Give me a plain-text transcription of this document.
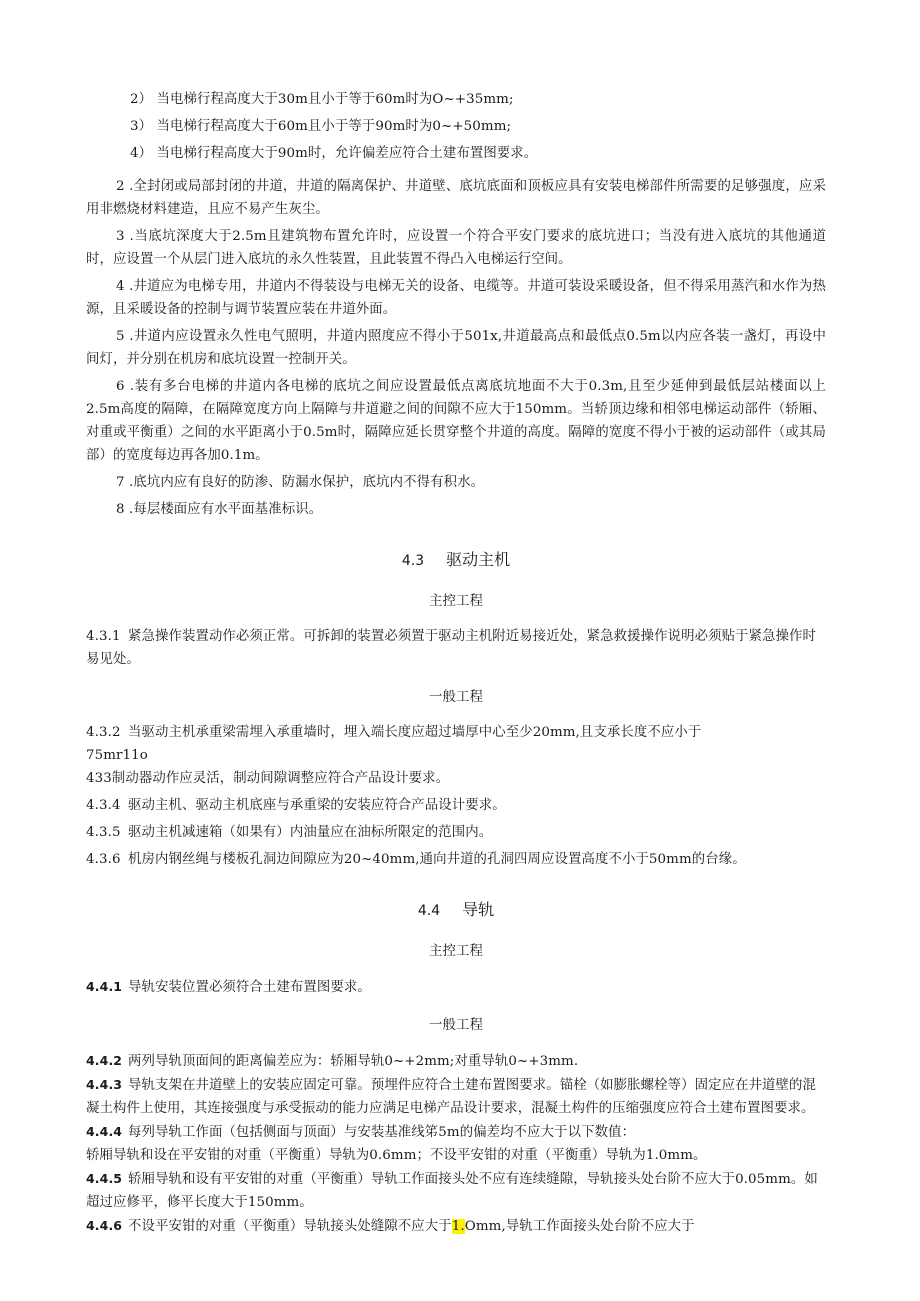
2） 当电梯行程高度大于30m且小于等于60m时为O~+35mm;
3） 当电梯行程高度大于60m且小于等于90m时为0~+50mm;
4） 当电梯行程高度大于90m时，允许偏差应符合土建布置图要求。
2 .全封闭或局部封闭的井道，井道的隔离保护、井道壁、底坑底面和顶板应具有安装电梯部件所需要的足够强度，应采用非燃烧材料建造，且应不易产生灰尘。
3 .当底坑深度大于2.5m且建筑物布置允许时，应设置一个符合平安门要求的底坑进口；当没有进入底坑的其他通道时，应设置一个从层门进入底坑的永久性装置，且此装置不得凸入电梯运行空间。
4 .井道应为电梯专用，井道内不得装设与电梯无关的设备、电缆等。井道可装设采暖设备，但不得采用蒸汽和水作为热源，且采暖设备的控制与调节装置应装在井道外面。
5 .井道内应设置永久性电气照明，井道内照度应不得小于501x,井道最高点和最低点0.5m以内应各装一盏灯，再设中间灯，并分别在机房和底坑设置一控制开关。
6 .装有多台电梯的井道内各电梯的底坑之间应设置最低点离底坑地面不大于0.3m,且至少延伸到最低层站楼面以上2.5m高度的隔障，在隔障宽度方向上隔障与井道避之间的间隙不应大于150mm。当轿顶边缘和相邻电梯运动部件（轿厢、对重或平衡重）之间的水平距离小于0.5m时，隔障应延长贯穿整个井道的高度。隔障的宽度不得小于被的运动部件（或其局部）的宽度每边再各加0.1m。
7 .底坑内应有良好的防渗、防漏水保护，底坑内不得有积水。
8 .每层楼面应有水平面基准标识。
4.3 驱动主机
主控工程
4.3.1 紧急操作装置动作必须正常。可拆卸的装置必须置于驱动主机附近易接近处，紧急救援操作说明必须贴于紧急操作时易见处。
一般工程
4.3.2 当驱动主机承重梁需埋入承重墙时，埋入端长度应超过墙厚中心至少20mm,且支承长度不应小于
75mr11o
433制动器动作应灵活，制动间隙调整应符合产品设计要求。
4.3.4 驱动主机、驱动主机底座与承重梁的安装应符合产品设计要求。
4.3.5 驱动主机减速箱（如果有）内油量应在油标所限定的范围内。
4.3.6 机房内钢丝绳与楼板孔洞边间隙应为20~40mm,通向井道的孔洞四周应设置高度不小于50mm的台缘。
4.4 导轨
主控工程
4.4.1 导轨安装位置必须符合土建布置图要求。
一般工程
4.4.2 两列导轨顶面间的距离偏差应为：轿厢导轨0~+2mm;对重导轨0~+3mm.
4.4.3 导轨支架在井道壁上的安装应固定可靠。预埋件应符合土建布置图要求。锚栓（如膨胀螺栓等）固定应在井道壁的混凝土构件上使用，其连接强度与承受振动的能力应满足电梯产品设计要求，混凝土构件的压缩强度应符合土建布置图要求。
4.4.4 每列导轨工作面（包括侧面与顶面）与安装基准线笫5m的偏差均不应大于以下数值：
轿厢导轨和设在平安钳的对重（平衡重）导轨为0.6mm；不设平安钳的对重（平衡重）导轨为1.0mm。
4.4.5 轿厢导轨和设有平安钳的对重（平衡重）导轨工作面接头处不应有连续缝隙，导轨接头处台阶不应大于0.05mm。如超过应修平，修平长度大于150mm。
4.4.6 不设平安钳的对重（平衡重）导轨接头处缝隙不应大于1.Omm,导轨工作面接头处台阶不应大于
